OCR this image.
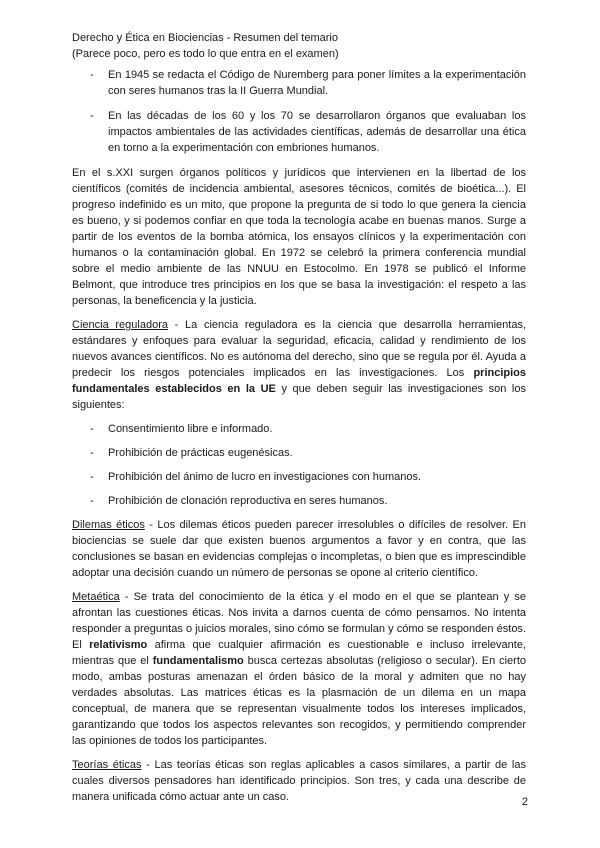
Derecho y Ética en Biociencias - Resumen del temario
(Parece poco, pero es todo lo que entra en el examen)
- En 1945 se redacta el Código de Nuremberg para poner límites a la experimentación con seres humanos tras la II Guerra Mundial.
- En las décadas de los 60 y los 70 se desarrollaron órganos que evaluaban los impactos ambientales de las actividades científicas, además de desarrollar una ética en torno a la experimentación con embriones humanos.

En el s.XXI surgen órganos políticos y jurídicos que intervienen en la libertad de los científicos (comités de incidencia ambiental, asesores técnicos, comités de bioética...). El progreso indefinido es un mito, que propone la pregunta de si todo lo que genera la ciencia es bueno, y si podemos confiar en que toda la tecnología acabe en buenas manos. Surge a partir de los eventos de la bomba atómica, los ensayos clínicos y la experimentación con humanos o la contaminación global. En 1972 se celebró la primera conferencia mundial sobre el medio ambiente de las NNUU en Estocolmo. En 1978 se publicó el Informe Belmont, que introduce tres principios en los que se basa la investigación: el respeto a las personas, la beneficencia y la justicia.

Ciencia reguladora - La ciencia reguladora es la ciencia que desarrolla herramientas, estándares y enfoques para evaluar la seguridad, eficacia, calidad y rendimiento de los nuevos avances científicos. No es autónoma del derecho, sino que se regula por él. Ayuda a predecir los riesgos potenciales implicados en las investigaciones. Los principios fundamentales establecidos en la UE y que deben seguir las investigaciones son los siguientes:

- Consentimiento libre e informado.
- Prohibición de prácticas eugenésicas.
- Prohibición del ánimo de lucro en investigaciones con humanos.
- Prohibición de clonación reproductiva en seres humanos.

Dilemas éticos - Los dilemas éticos pueden parecer irresolubles o difíciles de resolver. En biociencias se suele dar que existen buenos argumentos a favor y en contra, que las conclusiones se basan en evidencias complejas o incompletas, o bien que es imprescindible adoptar una decisión cuando un número de personas se opone al criterio científico.

Metaética - Se trata del conocimiento de la ética y el modo en el que se plantean y se afrontan las cuestiones éticas. Nos invita a darnos cuenta de cómo pensamos. No intenta responder a preguntas o juicios morales, sino cómo se formulan y cómo se responden éstos. El relativismo afirma que cualquier afirmación es cuestionable e incluso irrelevante, mientras que el fundamentalismo busca certezas absolutas (religioso o secular). En cierto modo, ambas posturas amenazan el órden básico de la moral y admiten que no hay verdades absolutas. Las matrices éticas es la plasmación de un dilema en un mapa conceptual, de manera que se representan visualmente todos los intereses implicados, garantizando que todos los aspectos relevantes son recogidos, y permitiendo comprender las opiniones de todos los participantes.

Teorías éticas - Las teorías éticas son reglas aplicables a casos similares, a partir de las cuales diversos pensadores han identificado principios. Son tres, y cada una describe de manera unificada cómo actuar ante un caso.	2
